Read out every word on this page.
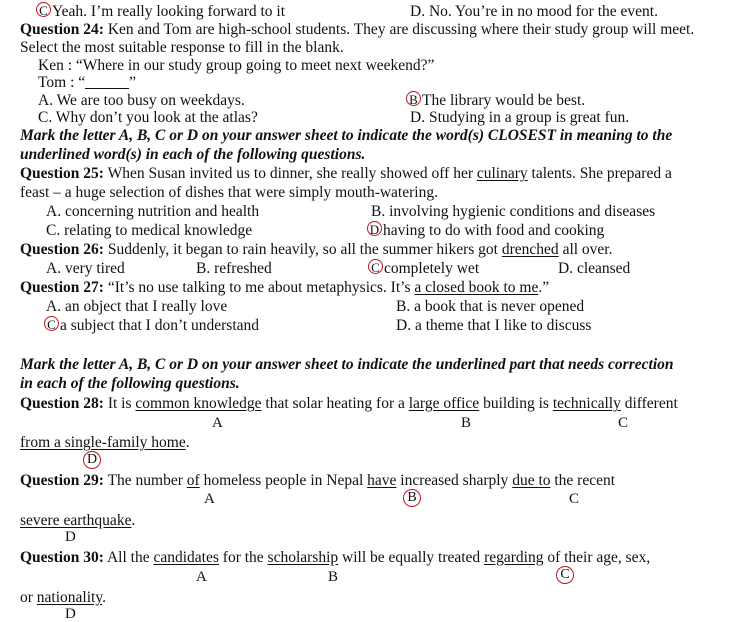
C Yeah. I’m really looking forward to it	D. No. You’re in no mood for the event.
Question 24: Ken and Tom are high-school students. They are discussing where their study group will meet.
Select the most suitable response to fill in the blank.
Ken : “Where in our study group going to meet next weekend?”
Tom : “	”
A. We are too busy on weekdays.	B The library would be best.
C. Why don’t you look at the atlas?	D. Studying in a group is great fun.
Mark the letter A, B, C or D on your answer sheet to indicate the word(s) CLOSEST in meaning to the
underlined word(s) in each of the following questions.
Question 25: When Susan invited us to dinner, she really showed off her culinary talents. She prepared a
feast – a huge selection of dishes that were simply mouth-watering.
A. concerning nutrition and health	B. involving hygienic conditions and diseases
C. relating to medical knowledge	D having to do with food and cooking
Question 26: Suddenly, it began to rain heavily, so all the summer hikers got drenched all over.
A. very tired	B. refreshed	C completely wet	D. cleansed
Question 27: “It’s no use talking to me about metaphysics. It’s a closed book to me.”
A. an object that I really love	B. a book that is never opened
C a subject that I don’t understand	D. a theme that I like to discuss
Mark the letter A, B, C or D on your answer sheet to indicate the underlined part that needs correction
in each of the following questions.
Question 28: It is common knowledge that solar heating for a large office building is technically different
A	B	C
from a single-family home.
D
Question 29: The number of homeless people in Nepal have increased sharply due to the recent
A	B	C
severe earthquake.
D
Question 30: All the candidates for the scholarship will be equally treated regarding of their age, sex,
A	B	C
or nationality.
D
